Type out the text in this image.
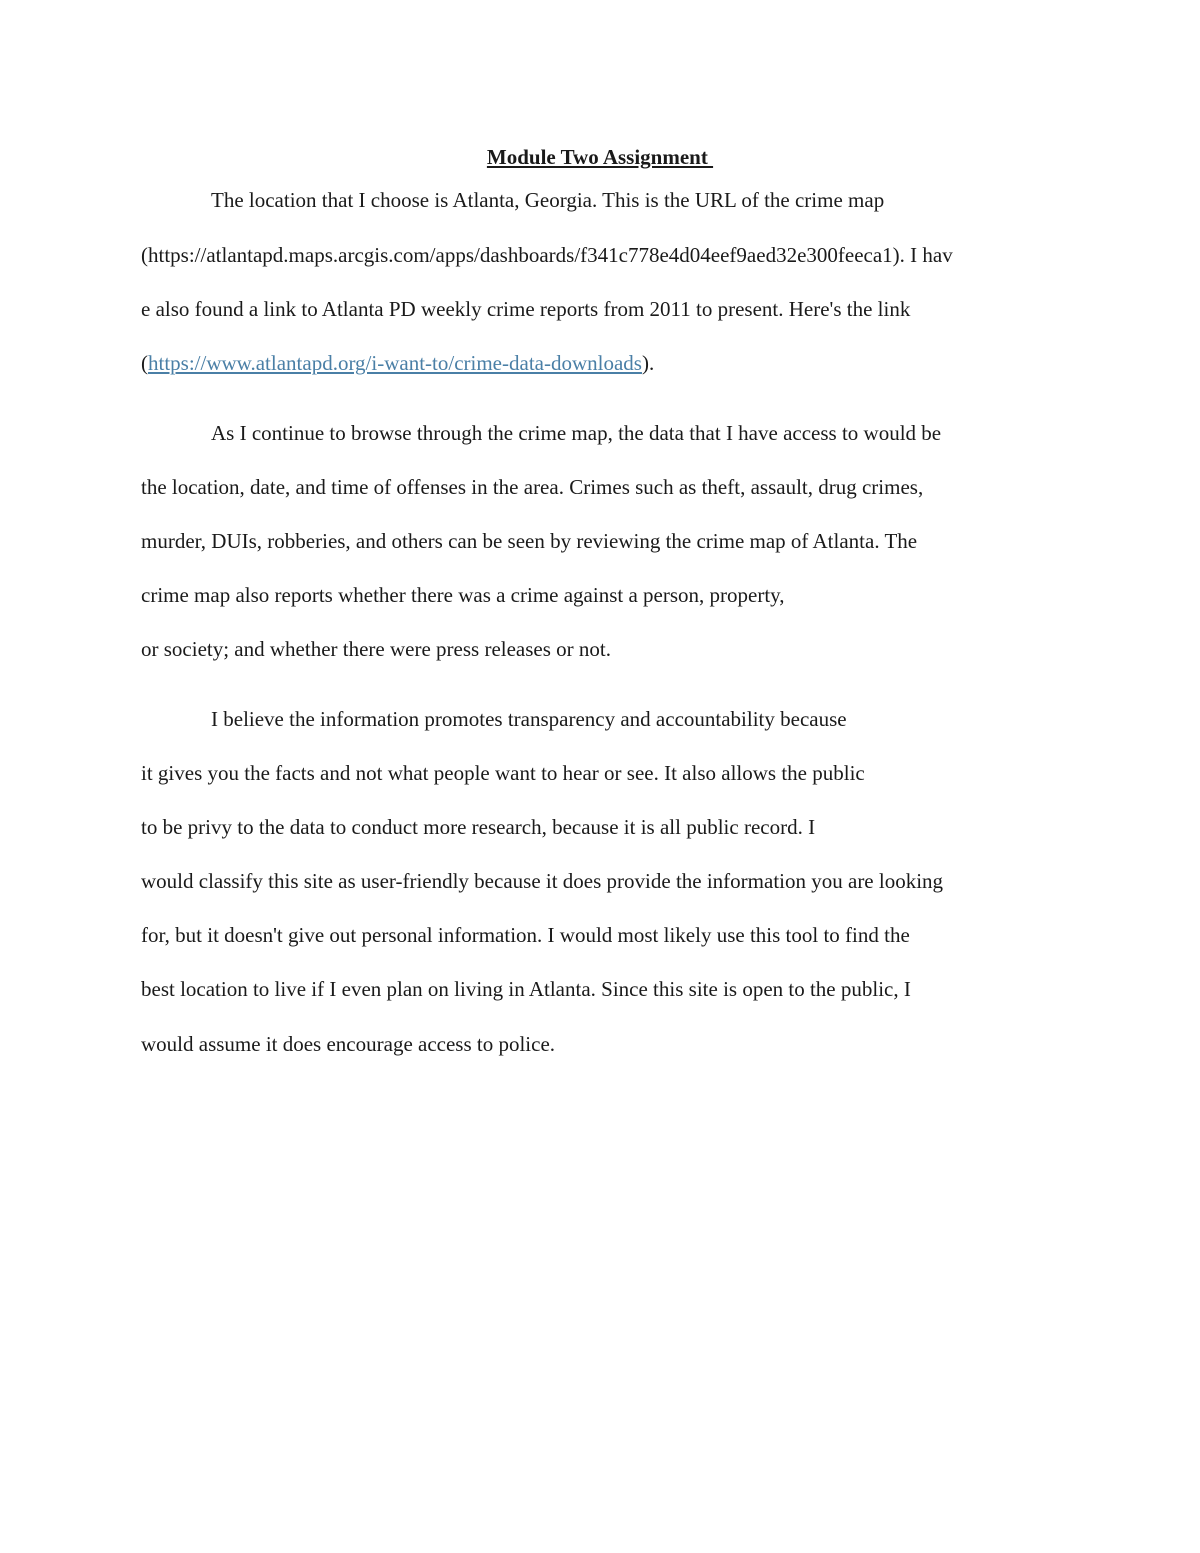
Module Two Assignment
The location that I choose is Atlanta, Georgia. This is the URL of the crime map
(https://atlantapd.maps.arcgis.com/apps/dashboards/f341c778e4d04eef9aed32e300feeca1). I hav
e also found a link to Atlanta PD weekly crime reports from 2011 to present. Here's the link
(https://www.atlantapd.org/i-want-to/crime-data-downloads).
As I continue to browse through the crime map, the data that I have access to would be
the location, date, and time of offenses in the area. Crimes such as theft, assault, drug crimes,
murder, DUIs, robberies, and others can be seen by reviewing the crime map of Atlanta. The
crime map also reports whether there was a crime against a person, property,
or society; and whether there were press releases or not.
I believe the information promotes transparency and accountability because
it gives you the facts and not what people want to hear or see. It also allows the public
to be privy to the data to conduct more research, because it is all public record. I
would classify this site as user-friendly because it does provide the information you are looking
for, but it doesn't give out personal information. I would most likely use this tool to find the
best location to live if I even plan on living in Atlanta. Since this site is open to the public, I
would assume it does encourage access to police.
